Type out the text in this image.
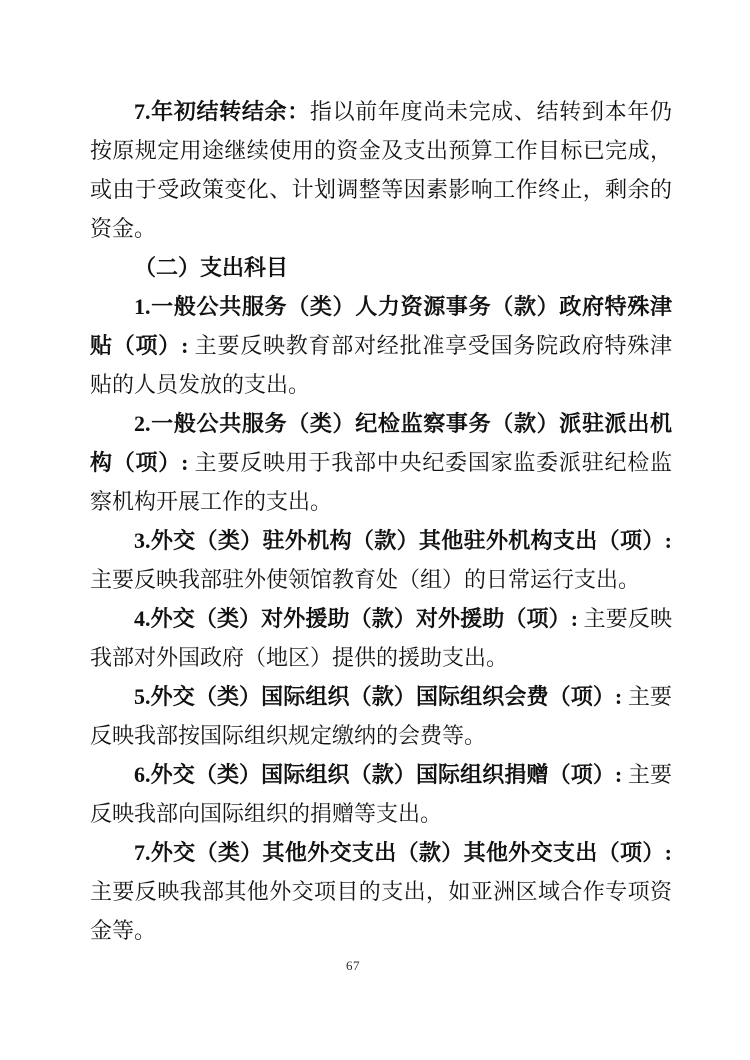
7.年初结转结余：指以前年度尚未完成、结转到本年仍按原规定用途继续使用的资金及支出预算工作目标已完成，或由于受政策变化、计划调整等因素影响工作终止，剩余的资金。

（二）支出科目

1.一般公共服务（类）人力资源事务（款）政府特殊津贴（项）: 主要反映教育部对经批准享受国务院政府特殊津贴的人员发放的支出。

2.一般公共服务（类）纪检监察事务（款）派驻派出机构（项）: 主要反映用于我部中央纪委国家监委派驻纪检监察机构开展工作的支出。

3.外交（类）驻外机构（款）其他驻外机构支出（项）: 主要反映我部驻外使领馆教育处（组）的日常运行支出。

4.外交（类）对外援助（款）对外援助（项）: 主要反映我部对外国政府（地区）提供的援助支出。

5.外交（类）国际组织（款）国际组织会费（项）: 主要反映我部按国际组织规定缴纳的会费等。

6.外交（类）国际组织（款）国际组织捐赠（项）: 主要反映我部向国际组织的捐赠等支出。

7.外交（类）其他外交支出（款）其他外交支出（项）: 主要反映我部其他外交项目的支出，如亚洲区域合作专项资金等。

67
